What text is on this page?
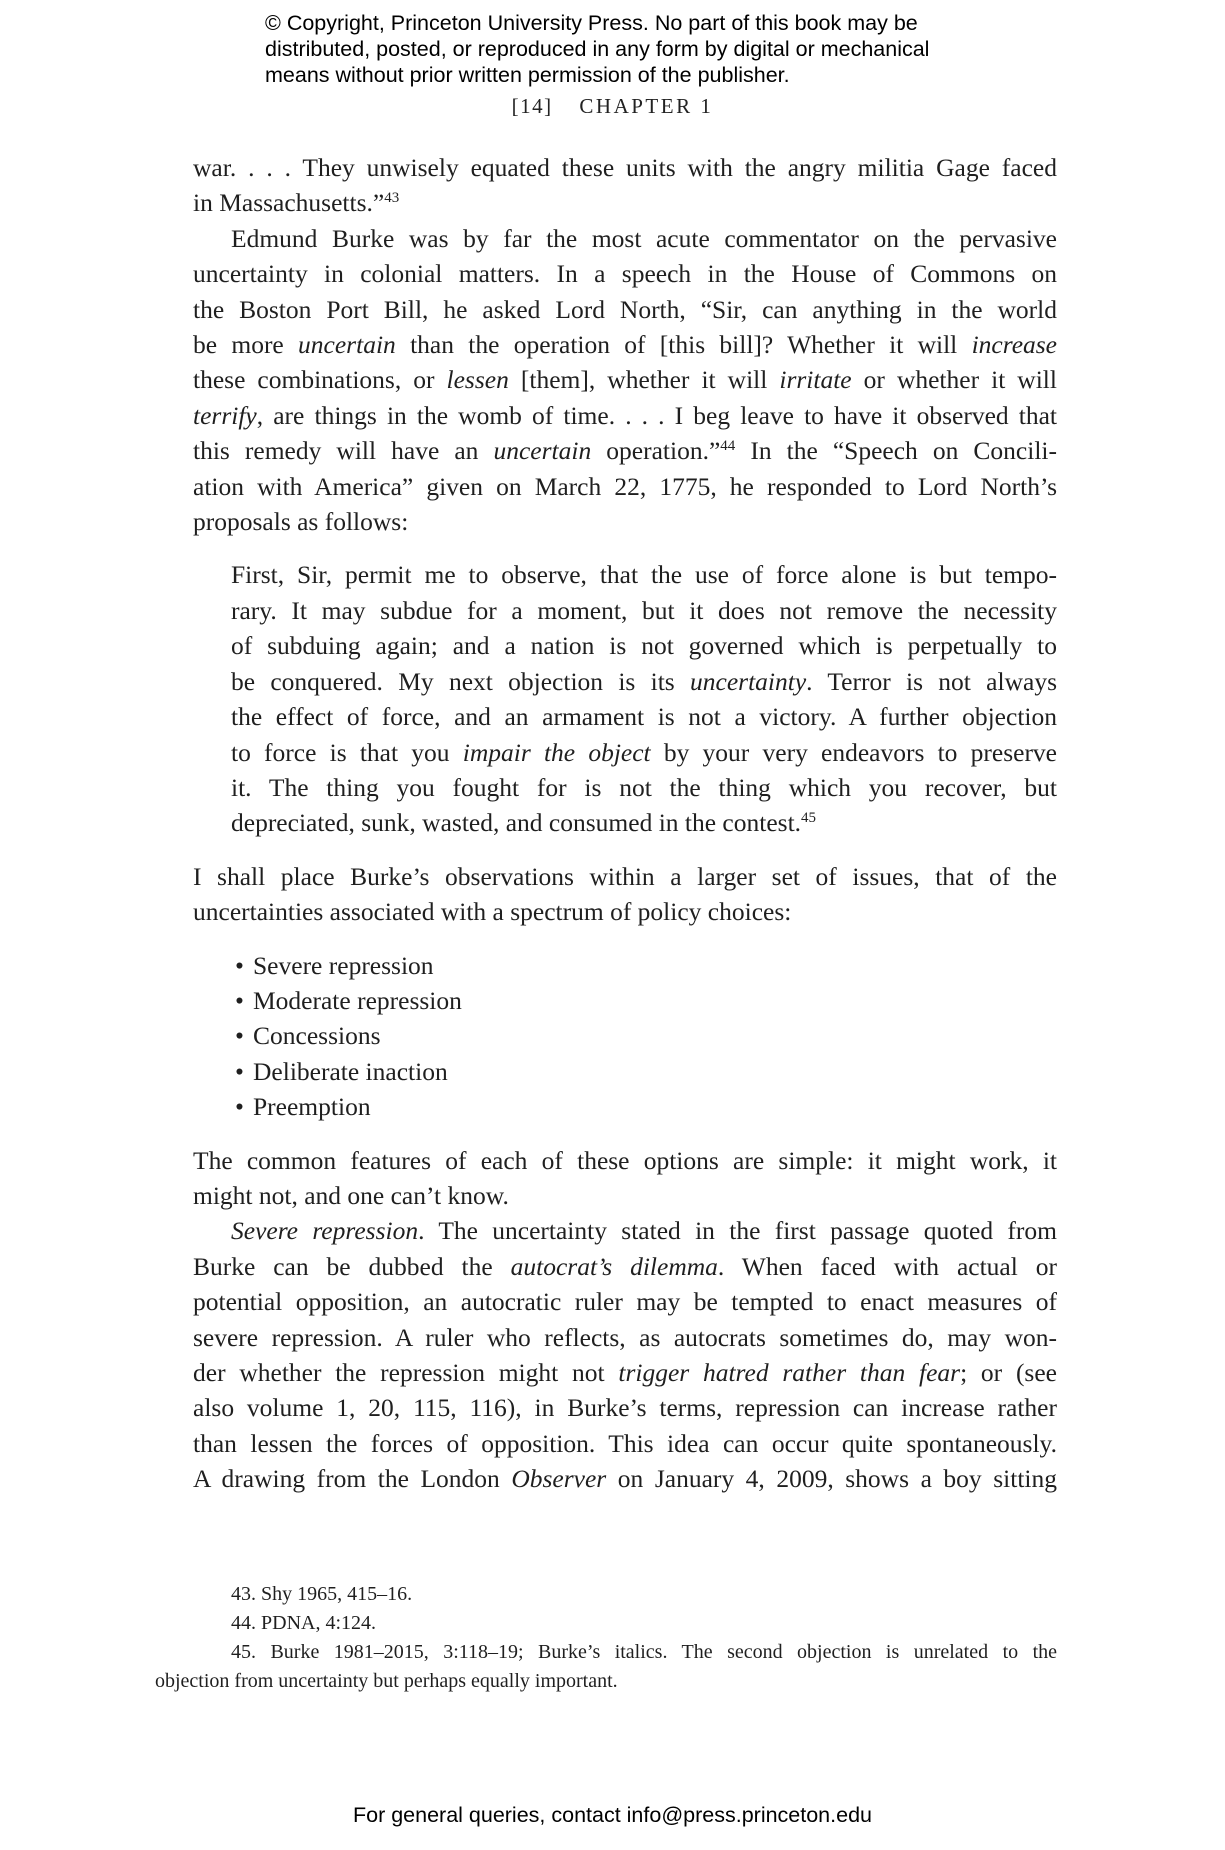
© Copyright, Princeton University Press. No part of this book may be
distributed, posted, or reproduced in any form by digital or mechanical
means without prior written permission of the publisher.
[14] CHAPTER 1

war. . . . They unwisely equated these units with the angry militia Gage faced
in Massachusetts.”$^{43}$

Edmund Burke was by far the most acute commentator on the pervasive
uncertainty in colonial matters. In a speech in the House of Commons on
the Boston Port Bill, he asked Lord North, “Sir, can anything in the world
be more uncertain than the operation of [this bill]? Whether it will increase
these combinations, or lessen [them], whether it will irritate or whether it will
terrify, are things in the womb of time. . . . I beg leave to have it observed that
this remedy will have an uncertain operation.”$^{44}$ In the “Speech on Concili-
ation with America” given on March 22, 1775, he responded to Lord North’s
proposals as follows:

First, Sir, permit me to observe, that the use of force alone is but tempo-
rary. It may subdue for a moment, but it does not remove the necessity
of subduing again; and a nation is not governed which is perpetually to
be conquered. My next objection is its uncertainty. Terror is not always
the effect of force, and an armament is not a victory. A further objection
to force is that you impair the object by your very endeavors to preserve
it. The thing you fought for is not the thing which you recover, but
depreciated, sunk, wasted, and consumed in the contest.$^{45}$

I shall place Burke’s observations within a larger set of issues, that of the
uncertainties associated with a spectrum of policy choices:

• Severe repression
• Moderate repression
• Concessions
• Deliberate inaction
• Preemption

The common features of each of these options are simple: it might work, it
might not, and one can’t know.

Severe repression. The uncertainty stated in the first passage quoted from
Burke can be dubbed the autocrat’s dilemma. When faced with actual or
potential opposition, an autocratic ruler may be tempted to enact measures of
severe repression. A ruler who reflects, as autocrats sometimes do, may won-
der whether the repression might not trigger hatred rather than fear; or (see
also volume 1, 20, 115, 116), in Burke’s terms, repression can increase rather
than lessen the forces of opposition. This idea can occur quite spontaneously.
A drawing from the London Observer on January 4, 2009, shows a boy sitting

43. Shy 1965, 415–16.

44. PDNA, 4:124.

45. Burke 1981–2015, 3:118–19; Burke’s italics. The second objection is unrelated to the
objection from uncertainty but perhaps equally important.

For general queries, contact info@press.princeton.edu
